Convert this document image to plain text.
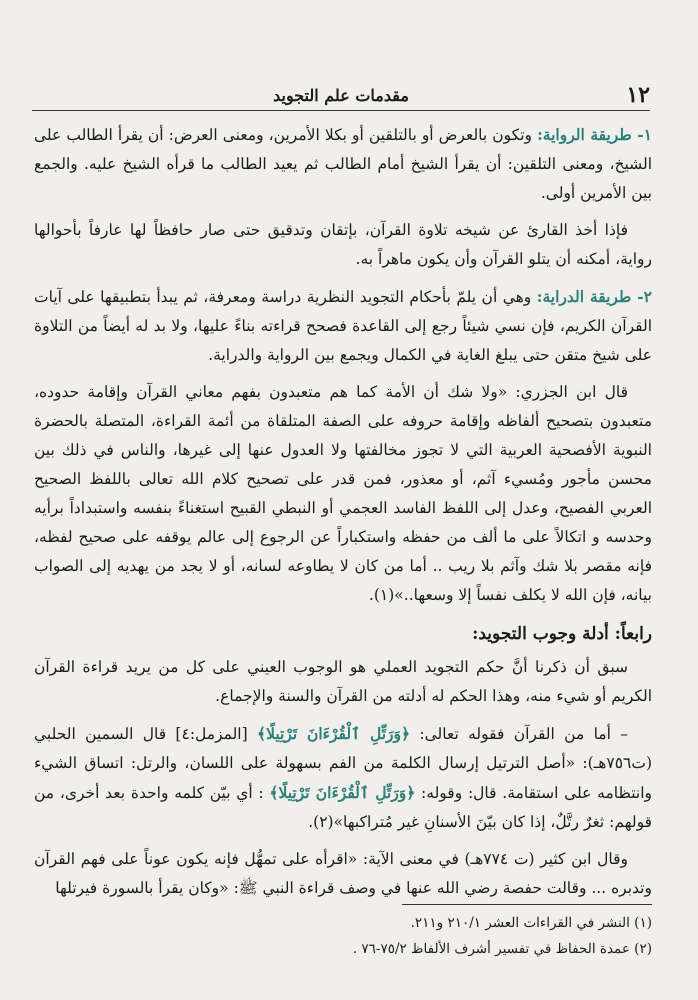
١٢
مقدمات علم التجويد

١- طريقة الرواية: وتكون بالعرض أو بالتلقين أو بكلا الأمرين، ومعنى العرض: أن يقرأ الطالب على الشيخ، ومعنى التلقين: أن يقرأ الشيخ أمام الطالب ثم يعيد الطالب ما قرأه الشيخ عليه. والجمع بين الأمرين أولى.

فإذا أخذ القارئ عن شيخه تلاوة القرآن، بإتقان وتدقيق حتى صار حافظاً لها عارفاً بأحوالها رواية، أمكنه أن يتلو القرآن وأن يكون ماهراً به.

٢- طريقة الدراية: وهي أن يلمّ بأحكام التجويد النظرية دراسة ومعرفة، ثم يبدأ بتطبيقها على آيات القرآن الكريم، فإن نسي شيئاً رجع إلى القاعدة فصحح قراءته بناءً عليها، ولا بد له أيضاً من التلاوة على شيخ متقن حتى يبلغ الغاية في الكمال ويجمع بين الرواية والدراية.

قال ابن الجزري: «ولا شك أن الأمة كما هم متعبدون بفهم معاني القرآن وإقامة حدوده، متعبدون بتصحيح ألفاظه وإقامة حروفه على الصفة المتلقاة من أئمة القراءة، المتصلة بالحضرة النبوية الأفصحية العربية التي لا تجوز مخالفتها ولا العدول عنها إلى غيرها، والناس في ذلك بين محسن مأجور ومُسيء آثم، أو معذور، فمن قدر على تصحيح كلام الله تعالى باللفظ الصحيح العربي الفصيح، وعدل إلى اللفظ الفاسد العجمي أو النبطي القبيح استغناءً بنفسه واستبداداً برأيه وحدسه و اتكالاً على ما ألف من حفظه واستكباراً عن الرجوع إلى عالم يوقفه على صحيح لفظه، فإنه مقصر بلا شك وآثم بلا ريب .. أما من كان لا يطاوعه لسانه، أو لا يجد من يهديه إلى الصواب بيانه، فإن الله لا يكلف نفساً إلا وسعها..»(١).

رابعاً: أدلة وجوب التجويد:

سبق أن ذكرنا أنَّ حكم التجويد العملي هو الوجوب العيني على كل من يريد قراءة القرآن الكريم أو شيء منه، وهذا الحكم له أدلته من القرآن والسنة والإجماع.

– أما من القرآن فقوله تعالى: ﴿وَرَتِّلِ ٱلْقُرْءَانَ تَرْتِيلًا﴾ [المزمل:٤] قال السمين الحلبي (ت٧٥٦هـ): «أصل الترتيل إرسال الكلمة من الفم بسهولة على اللسان، والرتل: اتساق الشيء وانتظامه على استقامة. قال: وقوله: ﴿وَرَتِّلِ ٱلْقُرْءَانَ تَرْتِيلًا﴾ : أي بيّن كلمه واحدة بعد أخرى، من قولهم: ثغرٌ رتَّلٌ، إذا كان بيّنَ الأسنانِ غير مُتراكبها»(٢).

وقال ابن كثير (ت ٧٧٤هـ) في معنى الآية: «اقرأه على تمهُّل فإنه يكون عوناً على فهم القرآن وتدبره ... وقالت حفصة رضي الله عنها في وصف قراءة النبي ﷺ: «وكان يقرأ بالسورة فيرتلها

(١) النشر في القراءات العشر ٢١٠/١ و٢١١.

(٢) عمدة الحفاظ في تفسير أشرف الألفاظ ٧٥/٢-٧٦ .
